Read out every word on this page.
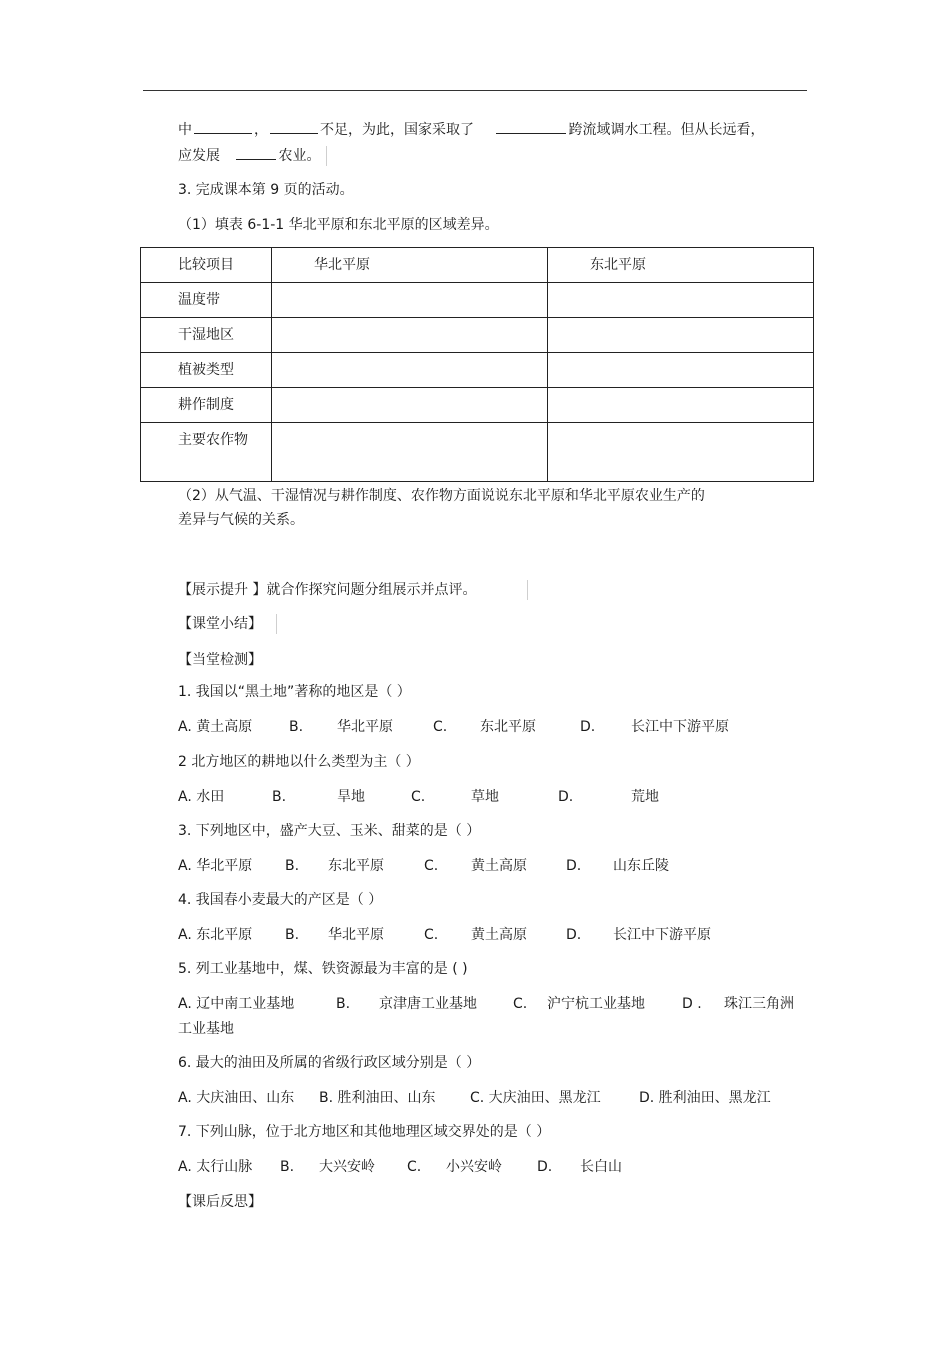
中	，	不足，为此，国家采取了	跨流域调水工程。但从长远看，
应发展	农业。
3. 完成课本第 9 页的活动。
（1）填表 6-1-1 华北平原和东北平原的区域差异。
比较项目	华北平原	东北平原
温度带		
干湿地区		
植被类型		
耕作制度		
主要农作物		
（2）从气温、干湿情况与耕作制度、农作物方面说说东北平原和华北平原农业生产的
差异与气候的关系。
【展示提升 】就合作探究问题分组展示并点评。
【课堂小结】
【当堂检测】
1. 我国以“黑土地”著称的地区是（ ）
A. 黄土高原	B. 华北平原	C. 东北平原	D.	长江中下游平原
2 北方地区的耕地以什么类型为主（ ）
A. 水田	B.	旱地	C.	草地	D.	荒地
3. 下列地区中，盛产大豆、玉米、甜菜的是（ ）
A. 华北平原 B. 东北平原	C. 黄土高原	D. 山东丘陵
4. 我国春小麦最大的产区是（ ）
A. 东北平原 B. 华北平原	C. 黄土高原	D. 长江中下游平原
5. 列工业基地中，煤、铁资源最为丰富的是 ( )
A. 辽中南工业基地	B. 京津唐工业基地	C. 沪宁杭工业基地	D . 珠江三角洲
工业基地
6. 最大的油田及所属的省级行政区域分别是（ ）
A. 大庆油田、山东 B. 胜利油田、山东 C. 大庆油田、黑龙江	D. 胜利油田、黑龙江
7. 下列山脉，位于北方地区和其他地理区域交界处的是（ ）
A. 太行山脉 B. 大兴安岭 C. 小兴安岭	D. 长白山
【课后反思】
